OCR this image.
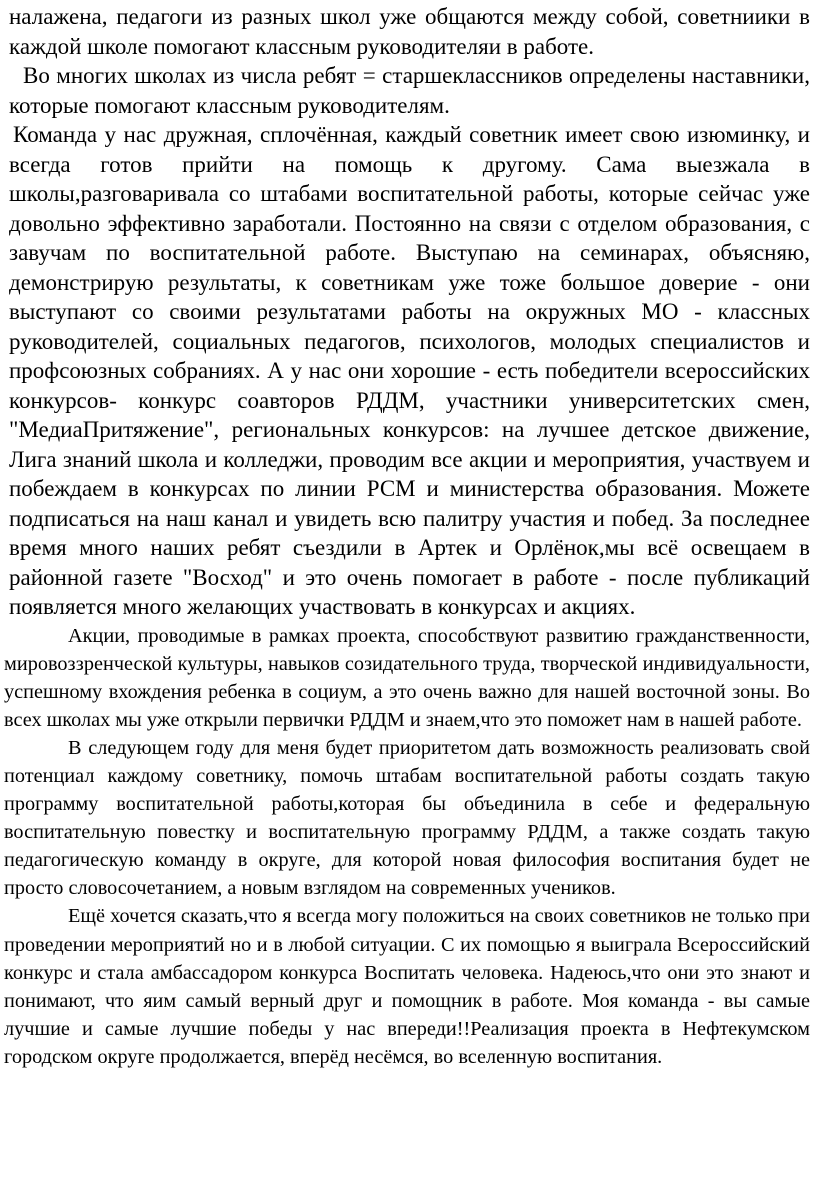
налажена, педагоги из разных школ уже общаются между собой, советниики в каждой школе помогают классным руководителяи в работе.

Во многих школах из числа ребят = старшеклассников определены наставники, которые помогают классным руководителям.

Команда у нас дружная, сплочённая, каждый советник имеет свою изюминку, и всегда готов прийти на помощь к другому. Сама выезжала в школы,разговаривала со штабами воспитательной работы, которые сейчас уже довольно эффективно заработали. Постоянно на связи с отделом образования, с завучам по воспитательной работе. Выступаю на семинарах, объясняю, демонстрирую результаты, к советникам уже тоже большое доверие - они выступают со своими результатами работы на окружных МО - классных руководителей, социальных педагогов, психологов, молодых специалистов и профсоюзных собраниях. А у нас они хорошие - есть победители всероссийских конкурсов- конкурс соавторов РДДМ, участники университетских смен, "МедиаПритяжение", региональных конкурсов: на лучшее детское движение, Лига знаний школа и колледжи, проводим все акции и мероприятия, участвуем и побеждаем в конкурсах по линии РСМ и министерства образования. Можете подписаться на наш канал и увидеть всю палитру участия и побед. За последнее время много наших ребят съездили в Артек и Орлёнок,мы всё освещаем в районной газете "Восход" и это очень помогает в работе - после публикаций появляется много желающих участвовать в конкурсах и акциях.

Акции, проводимые в рамках проекта, способствуют развитию гражданственности, мировоззренческой культуры, навыков созидательного труда, творческой индивидуальности, успешному вхождения ребенка в социум, а это очень важно для нашей восточной зоны. Во всех школах мы уже открыли первички РДДМ и знаем,что это поможет нам в нашей работе.

В следующем году для меня будет приоритетом дать возможность реализовать свой потенциал каждому советнику, помочь штабам воспитательной работы создать такую программу воспитательной работы,которая бы объединила в себе и федеральную воспитательную повестку и воспитательную программу РДДМ, а также создать такую педагогическую команду в округе, для которой новая философия воспитания будет не просто словосочетанием, а новым взглядом на современных учеников.

Ещё хочется сказать,что я всегда могу положиться на своих советников не только при проведении мероприятий но и в любой ситуации. С их помощью я выиграла Всероссийский конкурс и стала амбассадором конкурса Воспитать человека. Надеюсь,что они это знают и понимают, что яим самый верный друг и помощник в работе. Моя команда - вы самые лучшие и самые лучшие победы у нас впереди!!Реализация проекта в Нефтекумском городском округе продолжается, вперёд несёмся, во вселенную воспитания.
